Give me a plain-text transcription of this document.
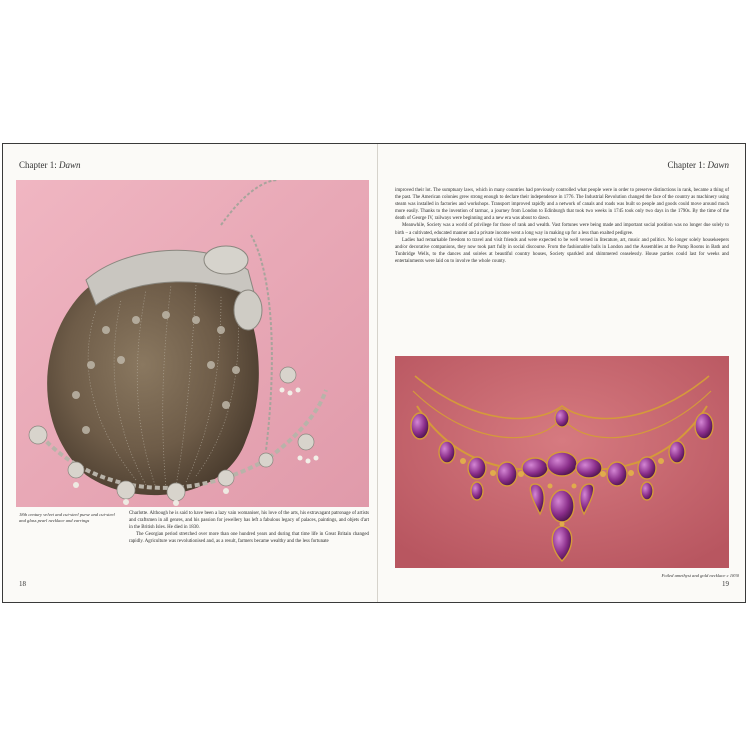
Chapter 1: Dawn
18th century velvet and cut-steel purse and cut-steel and glass pearl necklace and earrings

Charlotte. Although he is said to have been a lazy vain womaniser, his love of the arts, his extravagant patronage of artists and craftsmen in all genres, and his passion for jewellery has left a fabulous legacy of palaces, paintings, and objets d'art in the British Isles. He died in 1830.

The Georgian period stretched over more than one hundred years and during that time life in Great Britain changed rapidly. Agriculture was revolutionised and, as a result, farmers became wealthy and the less fortunate

18
Chapter 1: Dawn

improved their lot. The sumptuary laws, which in many countries had previously controlled what people were in order to preserve distinctions in rank, became a thing of the past. The American colonies grew strong enough to declare their independence in 1776. The Industrial Revolution changed the face of the country as machinery using steam was installed in factories and workshops. Transport improved rapidly and a network of canals and roads was built so people and goods could move around much more easily. Thanks to the invention of tarmac, a journey from London to Edinburgh that took two weeks in 1745 took only two days in the 1790s. By the time of the death of George IV, railways were beginning and a new era was about to dawn.

Meanwhile, Society was a world of privilege for those of rank and wealth. Vast fortunes were being made and important social position was no longer due solely to birth – a cultivated, educated manner and a private income went a long way in making up for a less than exalted pedigree.

Ladies had remarkable freedom to travel and visit friends and were expected to be well versed in literature, art, music and politics. No longer solely housekeepers and/or decorative companions, they now took part fully in social discourse. From the fashionable balls in London and the Assemblies at the Pump Rooms in Bath and Tunbridge Wells, to the dances and soirées at beautiful country houses, Society sparkled and shimmered ceaselessly. House parties could last for weeks and entertainments were laid on to involve the whole county.

Foiled amethyst and gold necklace c 1830
19
